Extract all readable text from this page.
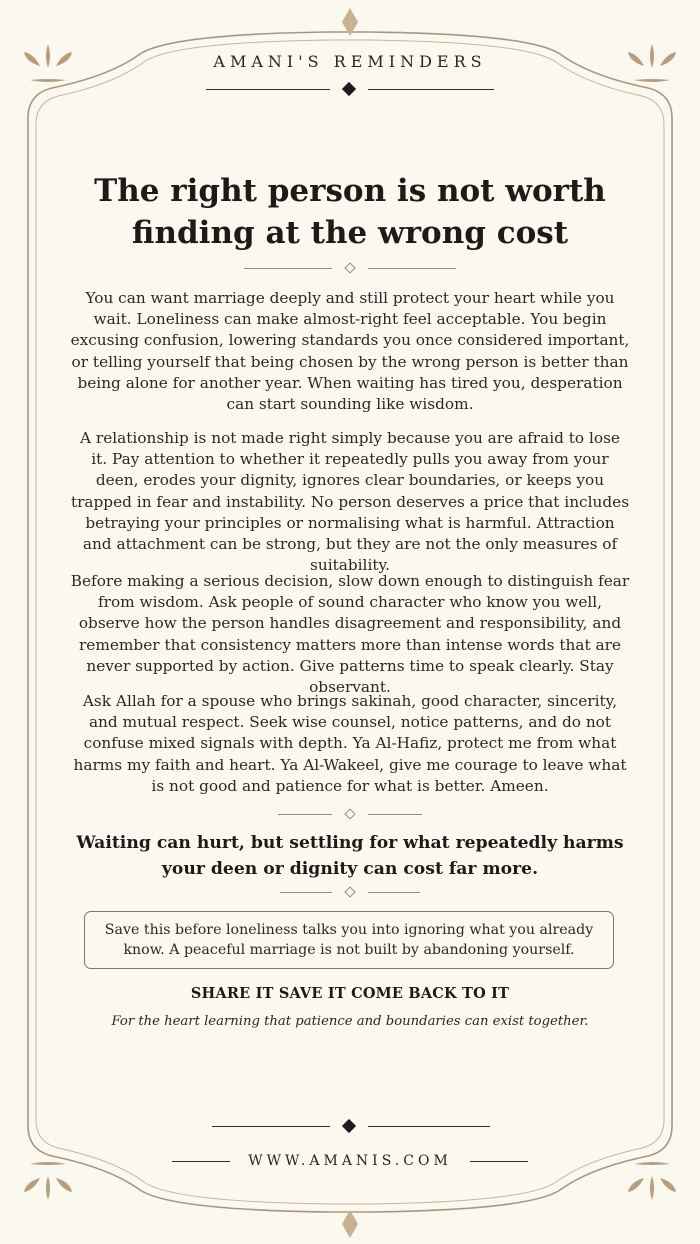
AMANI'S REMINDERS
The right person is not worth finding at the wrong cost
You can want marriage deeply and still protect your heart while you wait. Loneliness can make almost-right feel acceptable. You begin excusing confusion, lowering standards you once considered important, or telling yourself that being chosen by the wrong person is better than being alone for another year. When waiting has tired you, desperation can start sounding like wisdom.
A relationship is not made right simply because you are afraid to lose it. Pay attention to whether it repeatedly pulls you away from your deen, erodes your dignity, ignores clear boundaries, or keeps you trapped in fear and instability. No person deserves a price that includes betraying your principles or normalising what is harmful. Attraction and attachment can be strong, but they are not the only measures of suitability.
Before making a serious decision, slow down enough to distinguish fear from wisdom. Ask people of sound character who know you well, observe how the person handles disagreement and responsibility, and remember that consistency matters more than intense words that are never supported by action. Give patterns time to speak clearly. Stay observant.
Ask Allah for a spouse who brings sakinah, good character, sincerity, and mutual respect. Seek wise counsel, notice patterns, and do not confuse mixed signals with depth. Ya Al-Hafiz, protect me from what harms my faith and heart. Ya Al-Wakeel, give me courage to leave what is not good and patience for what is better. Ameen.
Waiting can hurt, but settling for what repeatedly harms your deen or dignity can cost far more.
Save this before loneliness talks you into ignoring what you already know. A peaceful marriage is not built by abandoning yourself.
SHARE IT SAVE IT COME BACK TO IT
For the heart learning that patience and boundaries can exist together.
WWW.AMANIS.COM
